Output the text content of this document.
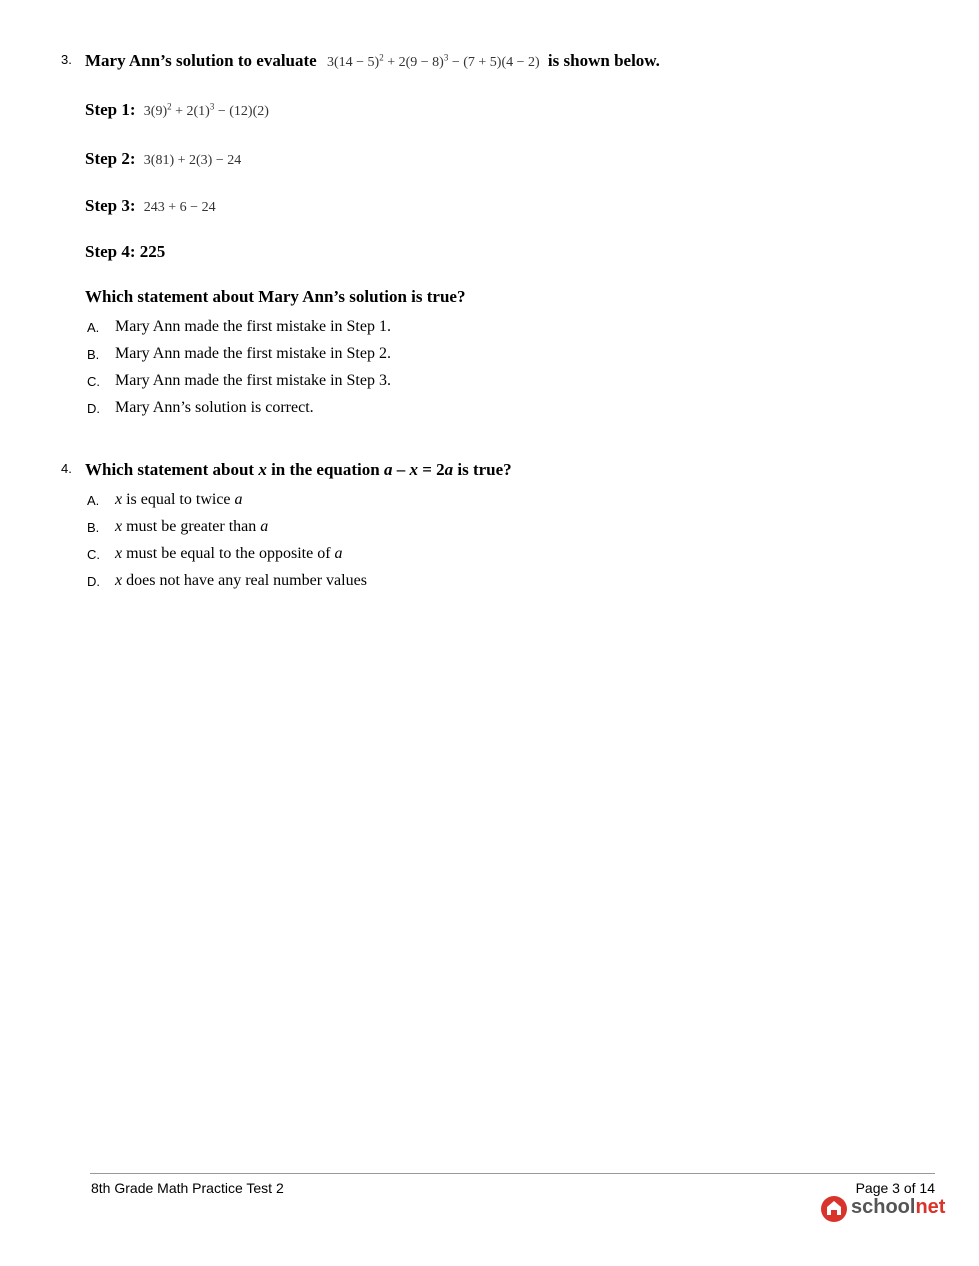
3. Mary Ann’s solution to evaluate $3(14 - 5)^2 + 2(9 - 8)^3 - (7 + 5)(4 - 2)$ is shown below.
Step 1: $3(9)^2 + 2(1)^3 - (12)(2)$
Step 2: 3(81) + 2(3) − 24
Step 3: 243 + 6 − 24
Step 4: 225
Which statement about Mary Ann’s solution is true?
A. Mary Ann made the first mistake in Step 1.
B. Mary Ann made the first mistake in Step 2.
C. Mary Ann made the first mistake in Step 3.
D. Mary Ann’s solution is correct.
4. Which statement about x in the equation a – x = 2a is true?
A. x is equal to twice a
B. x must be greater than a
C. x must be equal to the opposite of a
D. x does not have any real number values
8th Grade Math Practice Test 2	Page 3 of 14
schoolnet
